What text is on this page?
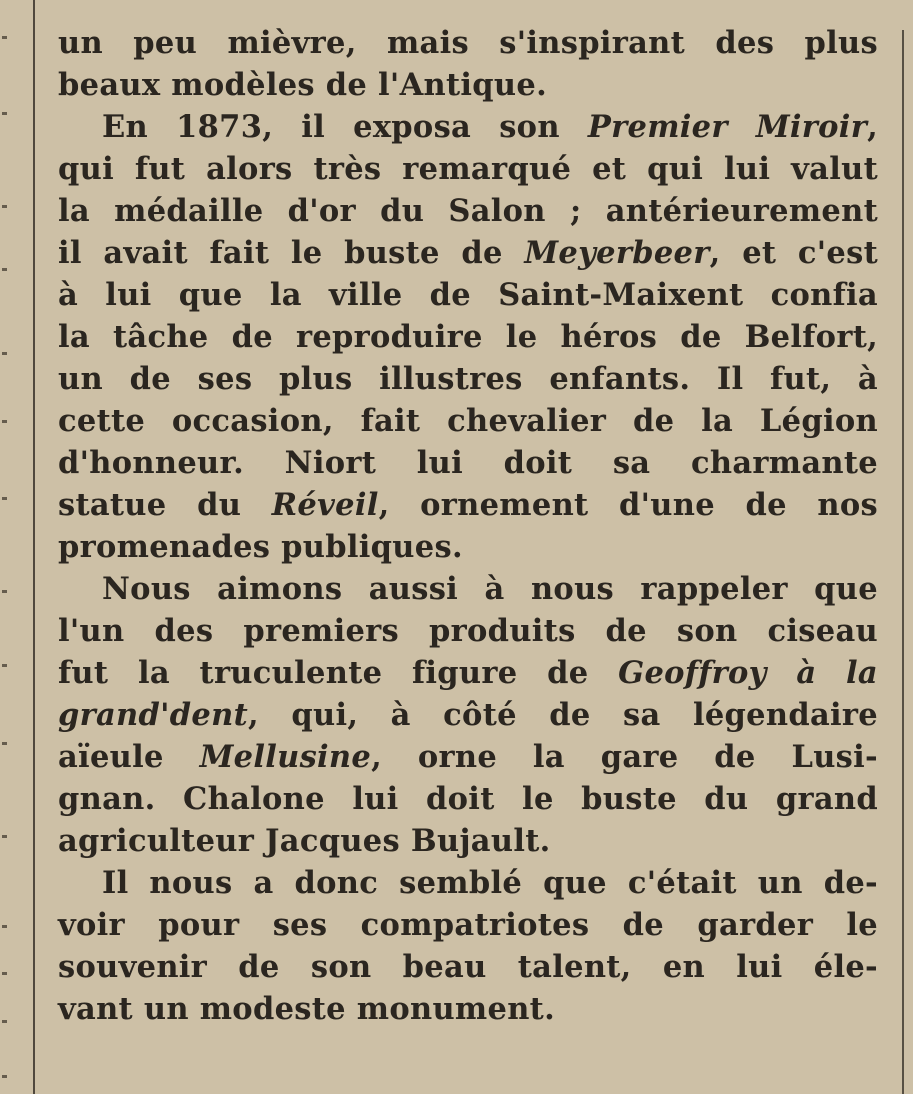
un peu mièvre, mais s'inspirant des plus
beaux modèles de l'Antique.

En 1873, il exposa son Premier Miroir,
qui fut alors très remarqué et qui lui valut
la médaille d'or du Salon ; antérieurement
il avait fait le buste de Meyerbeer, et c'est
à lui que la ville de Saint-Maixent confia
la tâche de reproduire le héros de Belfort,
un de ses plus illustres enfants. Il fut, à
cette occasion, fait chevalier de la Légion
d'honneur. Niort lui doit sa charmante
statue du Réveil, ornement d'une de nos
promenades publiques.

Nous aimons aussi à nous rappeler que
l'un des premiers produits de son ciseau
fut la truculente figure de Geoffroy à la
grand'dent, qui, à côté de sa légendaire
aïeule Mellusine, orne la gare de Lusi-
gnan. Chalone lui doit le buste du grand
agriculteur Jacques Bujault.

Il nous a donc semblé que c'était un de-
voir pour ses compatriotes de garder le
souvenir de son beau talent, en lui éle-
vant un modeste monument.
